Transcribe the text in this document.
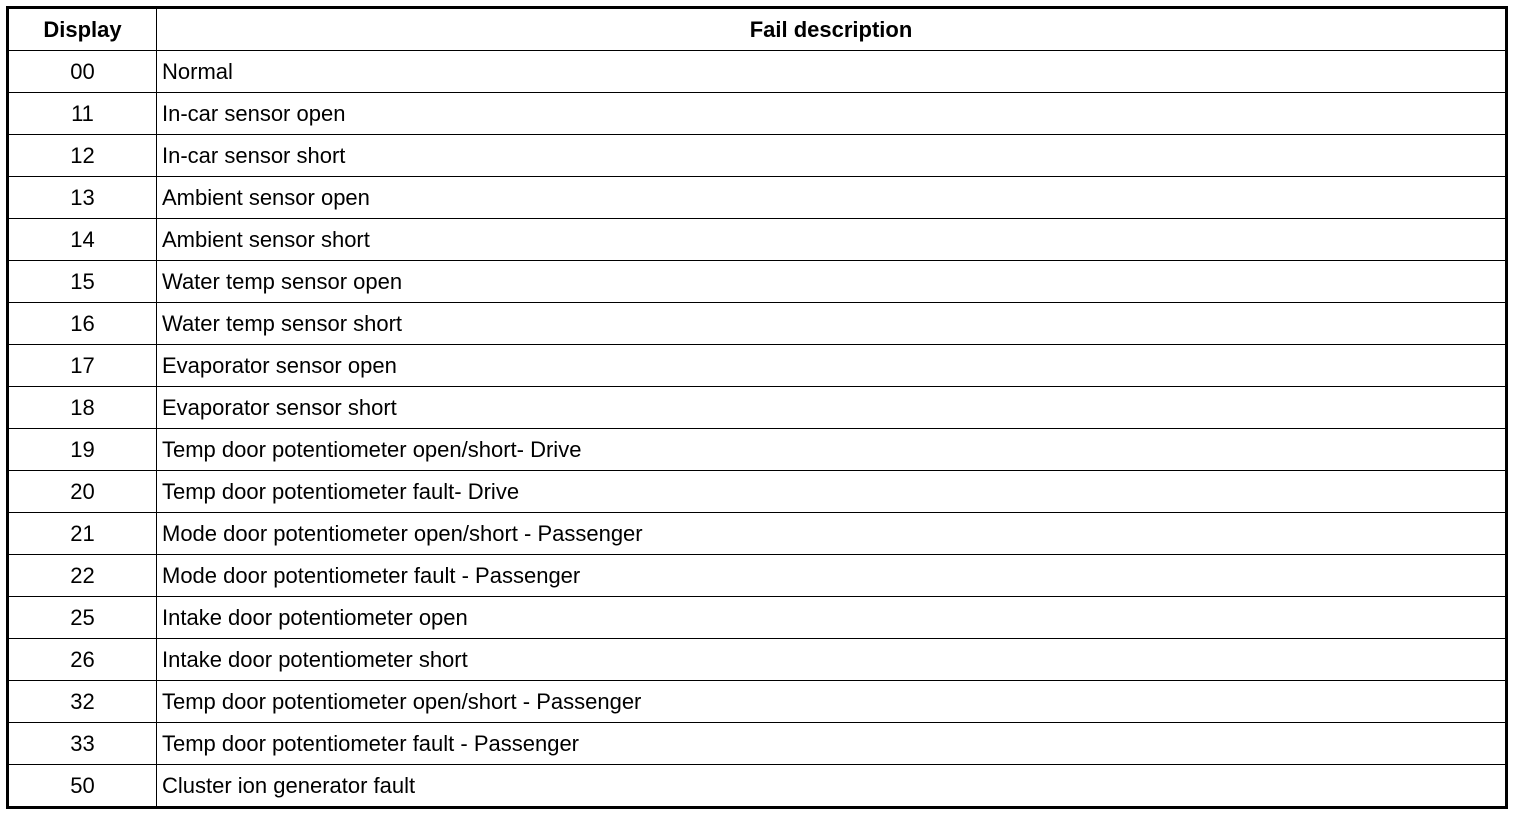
Display	Fail description
00	Normal
11	In-car sensor open
12	In-car sensor short
13	Ambient sensor open
14	Ambient sensor short
15	Water temp sensor open
16	Water temp sensor short
17	Evaporator sensor open
18	Evaporator sensor short
19	Temp door potentiometer open/short- Drive
20	Temp door potentiometer fault- Drive
21	Mode door potentiometer open/short - Passenger
22	Mode door potentiometer fault - Passenger
25	Intake door potentiometer open
26	Intake door potentiometer short
32	Temp door potentiometer open/short - Passenger
33	Temp door potentiometer fault - Passenger
50	Cluster ion generator fault
